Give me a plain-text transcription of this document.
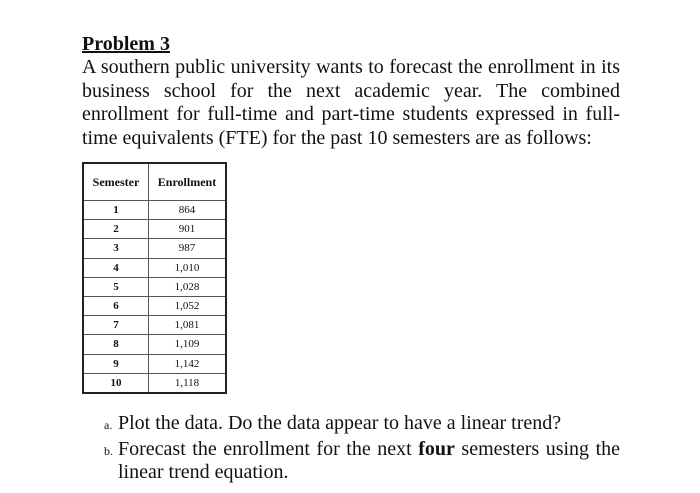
Problem 3
A southern public university wants to forecast the enrollment in its business school for the next academic year. The combined enrollment for full-time and part-time students expressed in full-time equivalents (FTE) for the past 10 semesters are as follows:
Semester	Enrollment

1	864
2	901
3	987
4	1,010
5	1,028
6	1,052
7	1,081
8	1,109
9	1,142
10	1,118
a. Plot the data. Do the data appear to have a linear trend?
b. Forecast the enrollment for the next four semesters using the linear trend equation.
